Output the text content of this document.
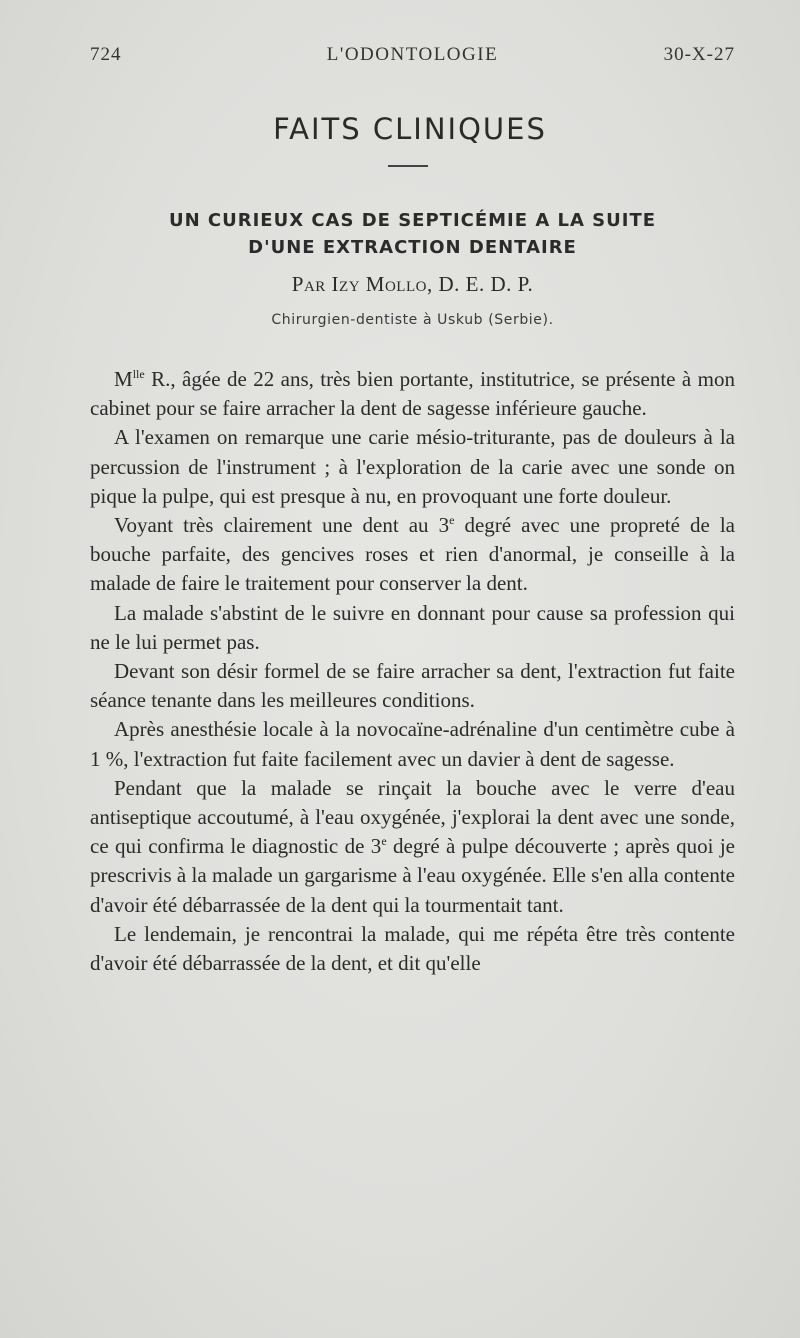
724	L'ODONTOLOGIE	30-X-27
FAITS CLINIQUES
UN CURIEUX CAS DE SEPTICÉMIE A LA SUITE
D'UNE EXTRACTION DENTAIRE
Par Izy Mollo, D. E. D. P.
Chirurgien-dentiste à Uskub (Serbie).

$M^{lle}$ R., âgée de 22 ans, très bien portante, institutrice, se présente à mon cabinet pour se faire arracher la dent de sagesse inférieure gauche.

A l'examen on remarque une carie mésio-triturante, pas de douleurs à la percussion de l'instrument ; à l'exploration de la carie avec une sonde on pique la pulpe, qui est presque à nu, en provoquant une forte douleur.

Voyant très clairement une dent au 3e degré avec une propreté de la bouche parfaite, des gencives roses et rien d'anormal, je conseille à la malade de faire le traitement pour conserver la dent.

La malade s'abstint de le suivre en donnant pour cause sa profession qui ne le lui permet pas.

Devant son désir formel de se faire arracher sa dent, l'extraction fut faite séance tenante dans les meilleures conditions.

Après anesthésie locale à la novocaïne-adrénaline d'un centimètre cube à 1 %, l'extraction fut faite facilement avec un davier à dent de sagesse.

Pendant que la malade se rinçait la bouche avec le verre d'eau antiseptique accoutumé, à l'eau oxygénée, j'explorai la dent avec une sonde, ce qui confirma le diagnostic de 3e degré à pulpe découverte ; après quoi je prescrivis à la malade un gargarisme à l'eau oxygénée. Elle s'en alla contente d'avoir été débarrassée de la dent qui la tourmentait tant.

Le lendemain, je rencontrai la malade, qui me répéta être très contente d'avoir été débarrassée de la dent, et dit qu'elle
